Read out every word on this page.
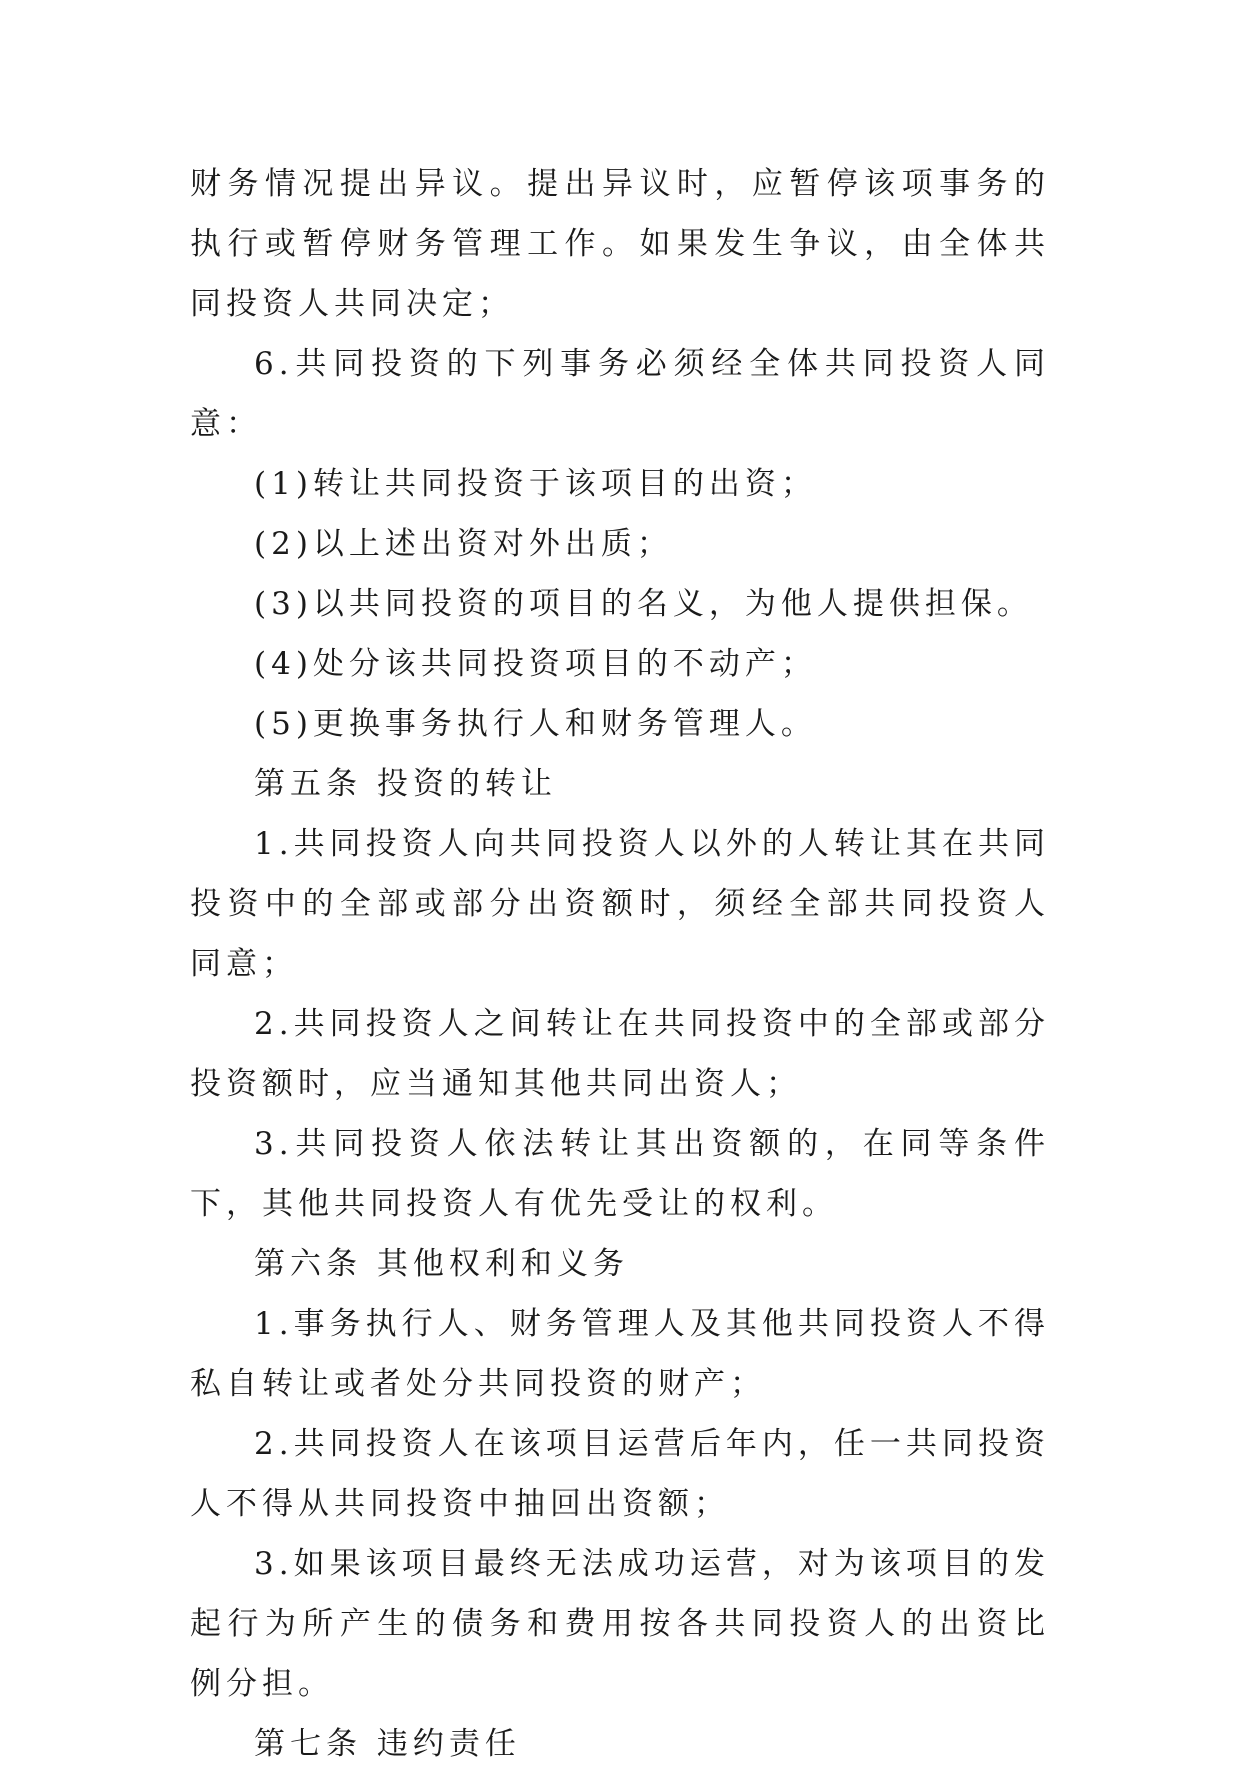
财务情况提出异议。提出异议时，应暂停该项事务的执行或暂停财务管理工作。如果发生争议，由全体共同投资人共同决定；

6.共同投资的下列事务必须经全体共同投资人同意：

(1)转让共同投资于该项目的出资；

(2)以上述出资对外出质；

(3)以共同投资的项目的名义，为他人提供担保。

(4)处分该共同投资项目的不动产；

(5)更换事务执行人和财务管理人。

第五条 投资的转让

1.共同投资人向共同投资人以外的人转让其在共同投资中的全部或部分出资额时，须经全部共同投资人同意；

2.共同投资人之间转让在共同投资中的全部或部分投资额时，应当通知其他共同出资人；

3.共同投资人依法转让其出资额的，在同等条件下，其他共同投资人有优先受让的权利。

第六条 其他权利和义务

1.事务执行人、财务管理人及其他共同投资人不得私自转让或者处分共同投资的财产；

2.共同投资人在该项目运营后年内，任一共同投资人不得从共同投资中抽回出资额；

3.如果该项目最终无法成功运营，对为该项目的发起行为所产生的债务和费用按各共同投资人的出资比例分担。

第七条 违约责任
